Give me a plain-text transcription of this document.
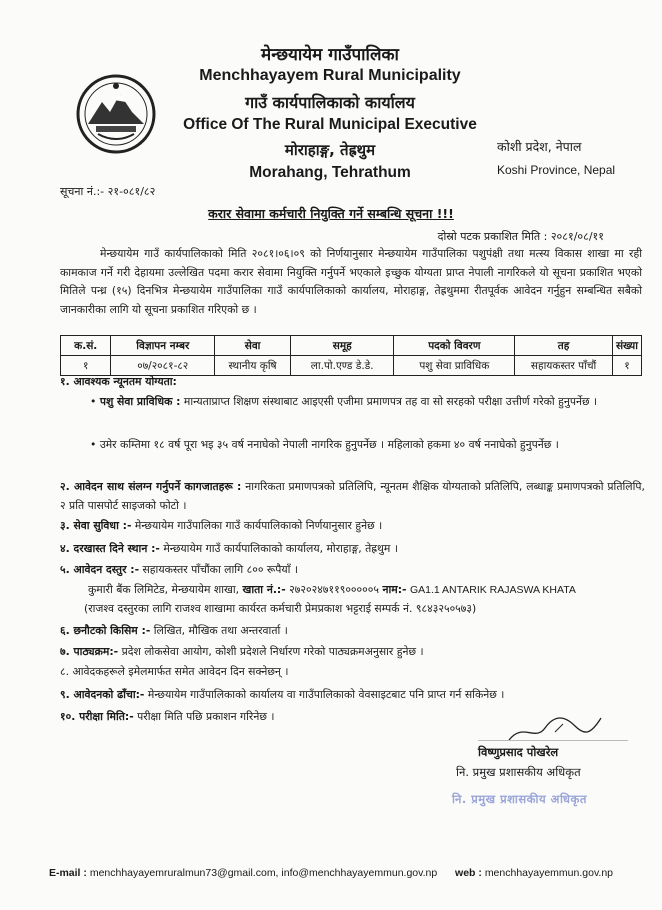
मेन्छयायेम गाउँपालिका
Menchhayayem Rural Municipality
गाउँ कार्यपालिकाको कार्यालय
Office Of The Rural Municipal Executive
मोराहाङ्ग, तेह्रथुम
Morahang, Tehrathum
कोशी प्रदेश, नेपाल
Koshi Province, Nepal
सूचना नं.:- २१-०८१/८२
करार सेवामा कर्मचारी नियुक्ति गर्ने सम्बन्धि सूचना !!!
दोस्रो पटक प्रकाशित मिति : २०८१/०८/११
मेन्छयायेम गाउँ कार्यपालिकाको मिति २०८१।०६।०९ को निर्णयानुसार मेन्छयायेम गाउँपालिका पशुपंक्षी तथा मत्स्य विकास शाखा मा रही कामकाज गर्ने गरी देहायमा उल्लेखित पदमा करार सेवामा नियुक्ति गर्नुपर्ने भएकाले इच्छुक योग्यता प्राप्त नेपाली नागरिकले यो सूचना प्रकाशित भएको मितिले पन्ध्र (१५) दिनभित्र मेन्छयायेम गाउँपालिका गाउँ कार्यपालिकाको कार्यालय, मोराहाङ्ग, तेह्रथुममा रीतपूर्वक आवेदन गर्नुहुन सम्बन्धित सबैको जानकारीका लागि यो सूचना प्रकाशित गरिएको छ ।
क.सं.	विज्ञापन नम्बर	सेवा	समूह	पदको विवरण	तह	संख्या
१	०७/२०८१-८२	स्थानीय कृषि	ला.पो.एण्ड डे.डे.	पशु सेवा प्राविधिक	सहायकस्तर पाँचौं	१
१. आवश्यक न्यूनतम योग्यता:
• पशु सेवा प्राविधिक : मान्यताप्राप्त शिक्षण संस्थाबाट आइएसी एजीमा प्रमाणपत्र तह वा सो सरहको परीक्षा उत्तीर्ण गरेको हुनुपर्नेछ ।
• उमेर कम्तिमा १८ वर्ष पूरा भइ ३५ वर्ष ननाघेको नेपाली नागरिक हुनुपर्नेछ । महिलाको हकमा ४० वर्ष ननाघेको हुनुपर्नेछ ।
२. आवेदन साथ संलग्न गर्नुपर्ने कागजातहरू : नागरिकता प्रमाणपत्रको प्रतिलिपि, न्यूनतम शैक्षिक योग्यताको प्रतिलिपि, लब्धाङ्क प्रमाणपत्रको प्रतिलिपि, २ प्रति पासपोर्ट साइजको फोटो ।
३. सेवा सुविधा :- मेन्छयायेम गाउँपालिका गाउँ कार्यपालिकाको निर्णयानुसार हुनेछ ।
४. दरखास्त दिने स्थान :- मेन्छयायेम गाउँ कार्यपालिकाको कार्यालय, मोराहाङ्ग, तेह्रथुम ।
५. आवेदन दस्तुर :- सहायकस्तर पाँचौंका लागि ८०० रूपैयाँ ।
कुमारी बैंक लिमिटेड, मेन्छयायेम शाखा, खाता नं.:- २७२०२४७११९०००००५ नाम:- GA1.1 ANTARIK RAJASWA KHATA
(राजश्व दस्तुरका लागि राजश्व शाखामा कार्यरत कर्मचारी प्रेमप्रकाश भट्टराई सम्पर्क नं. ९८४३२५०५७३)
६. छनौटको किसिम :- लिखित, मौखिक तथा अन्तरवार्ता ।
७. पाठ्यक्रम:- प्रदेश लोकसेवा आयोग, कोशी प्रदेशले निर्धारण गरेको पाठ्यक्रमअनुसार हुनेछ ।
८. आवेदकहरूले इमेलमार्फत समेत आवेदन दिन सक्नेछन् ।
९. आवेदनको ढाँचा:- मेन्छयायेम गाउँपालिकाको कार्यालय वा गाउँपालिकाको वेवसाइटबाट पनि प्राप्त गर्न सकिनेछ ।
१०. परीक्षा मिति:- परीक्षा मिति पछि प्रकाशन गरिनेछ ।
विष्णुप्रसाद पोखरेल
नि. प्रमुख प्रशासकीय अधिकृत
नि. प्रमुख प्रशासकीय अधिकृत
E-mail : menchhayayemruralmun73@gmail.com, info@menchhayayemmun.gov.np web : menchhayayemmun.gov.np
